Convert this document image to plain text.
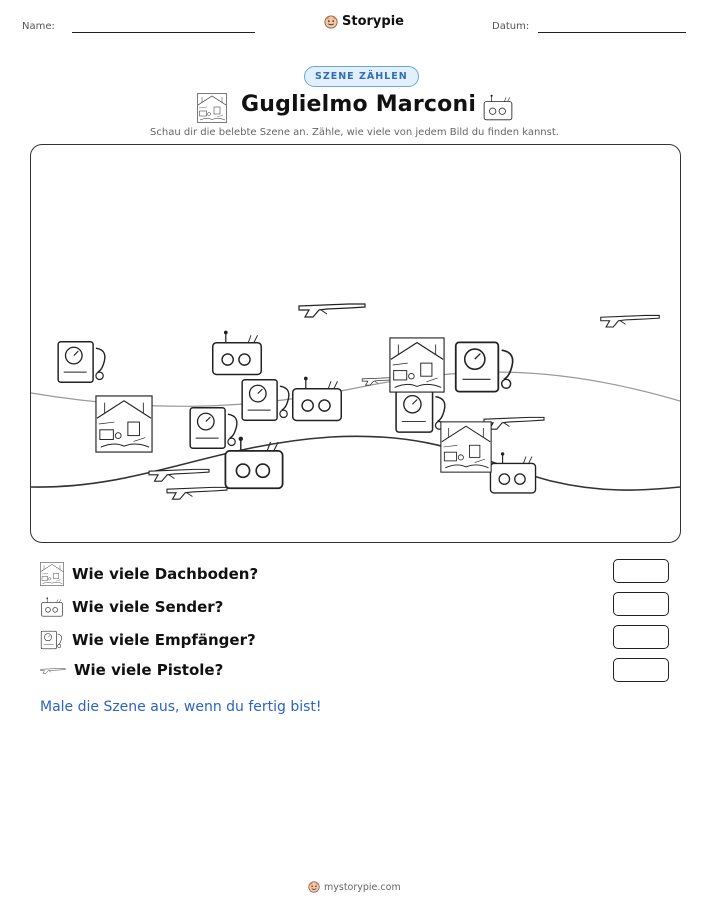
Name:	Storypie	Datum:
SZENE ZÄHLEN
Guglielmo Marconi
Schau dir die belebte Szene an. Zähle, wie viele von jedem Bild du finden kannst.
Wie viele Dachboden?
Wie viele Sender?
Wie viele Empfänger?
Wie viele Pistole?
Male die Szene aus, wenn du fertig bist!
mystorypie.com
